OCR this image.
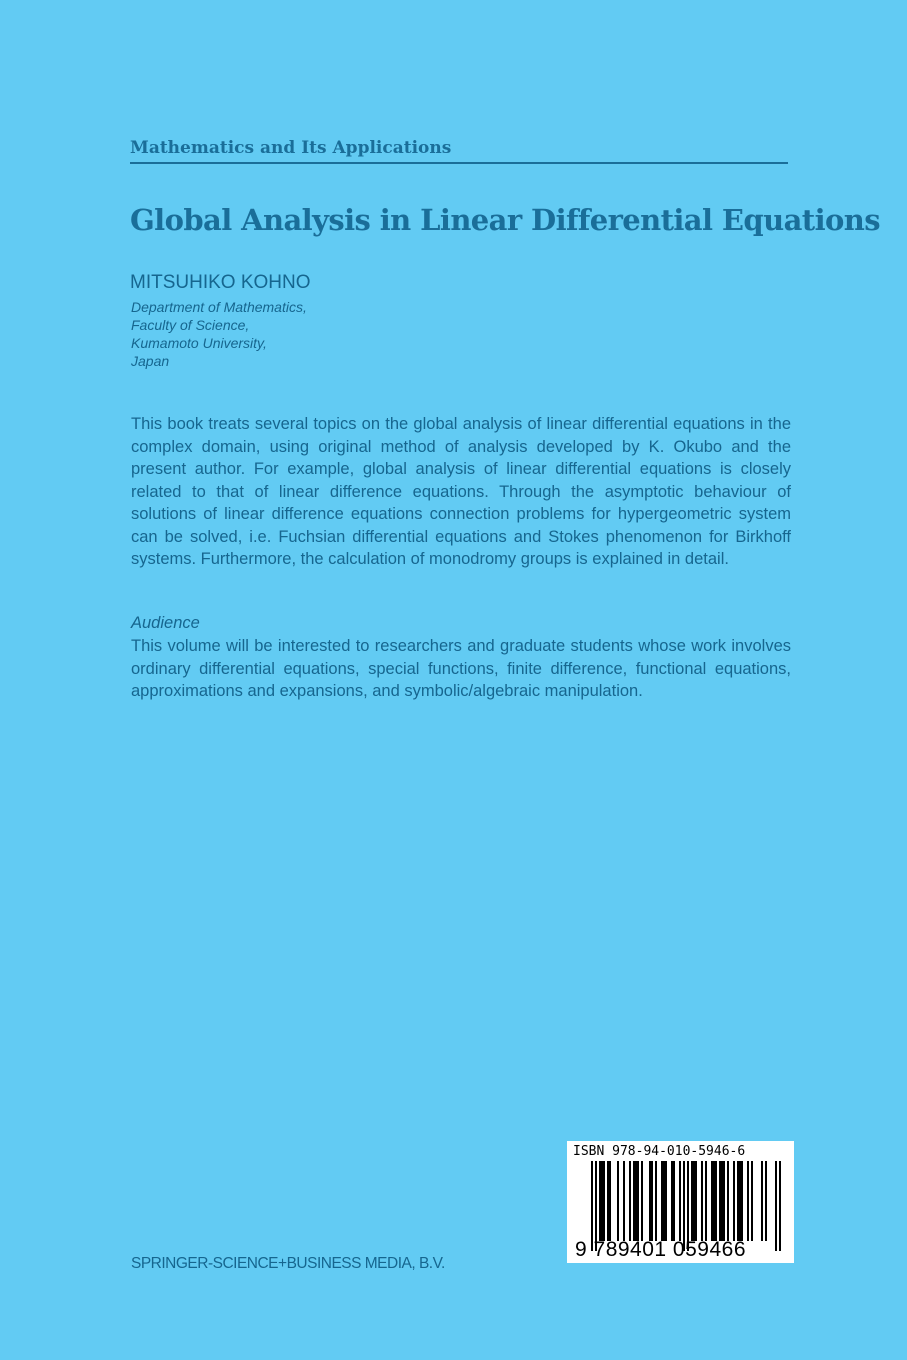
Mathematics and Its Applications
Global Analysis in Linear Differential Equations
MITSUHIKO KOHNO
Department of Mathematics,
Faculty of Science,
Kumamoto University,
Japan
This book treats several topics on the global analysis of linear differential equations in the complex domain, using original method of analysis developed by K. Okubo and the present author. For example, global analysis of linear differential equations is closely related to that of linear difference equations. Through the asymptotic behaviour of solutions of linear difference equations connection problems for hypergeometric system can be solved, i.e. Fuchsian differential equations and Stokes phenomenon for Birkhoff systems. Furthermore, the calculation of monodromy groups is explained in detail.
Audience
This volume will be interested to researchers and graduate students whose work involves ordinary differential equations, special functions, finite difference, functional equations, approximations and expansions, and symbolic/algebraic manipulation.
SPRINGER-SCIENCE+BUSINESS MEDIA, B.V.
ISBN 978-94-010-5946-6
9 789401 059466
